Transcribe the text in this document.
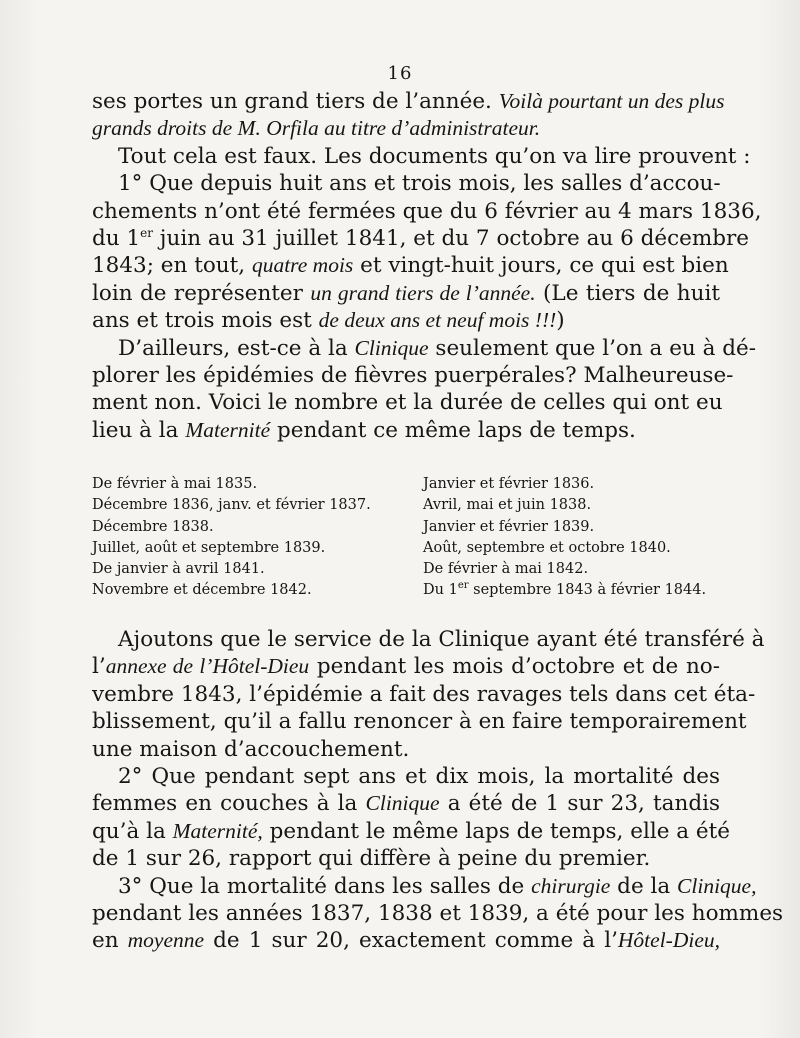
16
ses portes un grand tiers de l’année. Voilà pourtant un des plus
grands droits de M. Orfila au titre d’administrateur.
Tout cela est faux. Les documents qu’on va lire prouvent :
1° Que depuis huit ans et trois mois, les salles d’accou-
chements n’ont été fermées que du 6 février au 4 mars 1836,
du 1er juin au 31 juillet 1841, et du 7 octobre au 6 décembre
1843; en tout, quatre mois et vingt-huit jours, ce qui est bien
loin de représenter un grand tiers de l’année. (Le tiers de huit
ans et trois mois est de deux ans et neuf mois !!!)
D’ailleurs, est-ce à la Clinique seulement que l’on a eu à dé-
plorer les épidémies de fièvres puerpérales? Malheureuse-
ment non. Voici le nombre et la durée de celles qui ont eu
lieu à la Maternité pendant ce même laps de temps.
De février à mai 1835.	Janvier et février 1836.
Décembre 1836, janv. et février 1837.	Avril, mai et juin 1838.
Décembre 1838.	Janvier et février 1839.
Juillet, août et septembre 1839.	Août, septembre et octobre 1840.
De janvier à avril 1841.	De février à mai 1842.
Novembre et décembre 1842.	Du 1er septembre 1843 à février 1844.
Ajoutons que le service de la Clinique ayant été transféré à
l’annexe de l’Hôtel-Dieu pendant les mois d’octobre et de no-
vembre 1843, l’épidémie a fait des ravages tels dans cet éta-
blissement, qu’il a fallu renoncer à en faire temporairement
une maison d’accouchement.
2° Que pendant sept ans et dix mois, la mortalité des
femmes en couches à la Clinique a été de 1 sur 23, tandis
qu’à la Maternité, pendant le même laps de temps, elle a été
de 1 sur 26, rapport qui diffère à peine du premier.
3° Que la mortalité dans les salles de chirurgie de la Clinique,
pendant les années 1837, 1838 et 1839, a été pour les hommes
en moyenne de 1 sur 20, exactement comme à l’Hôtel-Dieu,
